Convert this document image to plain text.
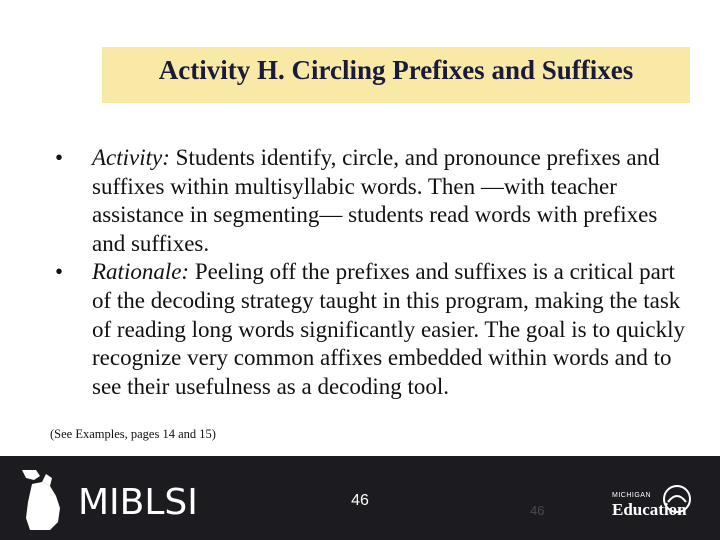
Activity H. Circling Prefixes and Suffixes
• Activity: Students identify, circle, and pronounce prefixes and suffixes within multisyllabic words. Then —with teacher assistance in segmenting— students read words with prefixes and suffixes.
• Rationale: Peeling off the prefixes and suffixes is a critical part of the decoding strategy taught in this program, making the task of reading long words significantly easier. The goal is to quickly recognize very common affixes embedded within words and to see their usefulness as a decoding tool.
(See Examples, pages 14 and 15)
MIBLSI	46
46
MICHIGAN
Education
